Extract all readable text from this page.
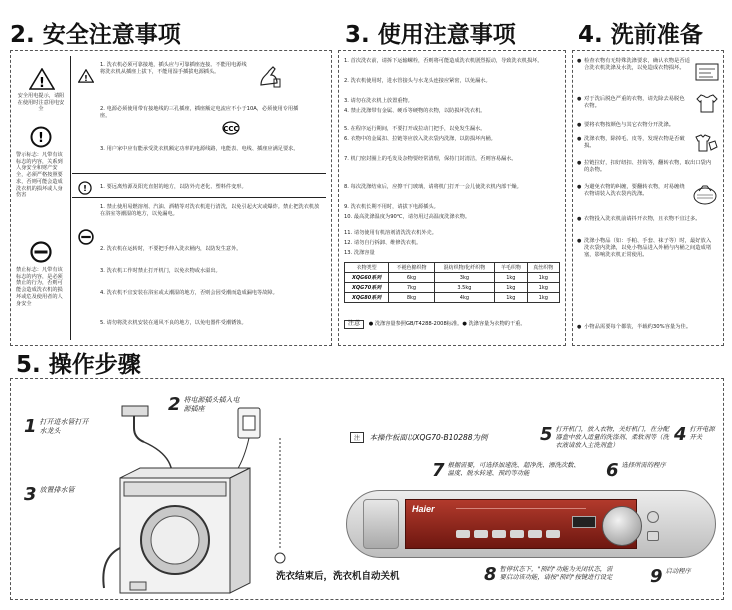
2. 安全注意事项	3. 使用注意事项	4. 洗前准备
!
安全用电提示，请阻在使用时注意用电安全
!
警示标志：凡带有该标志的内容，关系到人身安全和财产安全，必须严格按照要求，否则可能会造成洗衣机的损坏或人身伤害
禁止标志：凡带有该标志的内容，是必须禁止的行为，否则可能会造成洗衣机的损坏或危及使用者的人身安全
!
1. 洗衣机必须可靠接地，插头应与可靠插座连接。不能用电源线将洗衣机从插座上拔下，不能用湿手插拔电源插头。
2. 电源必须使用带有接地线的三孔插座，插座额定电流应不小于10A，必须使用专用插座。
CCC
3. 用户家中应有能承受洗衣机额定功率的电源线路，电能表、电线、插座应满足要求。
!	1. 要远离热源及阳光直射的地方，以防外壳老化、塑料件变形。
1. 禁止使用易燃溶剂、汽油、酒精等对洗衣机进行清洗，以免引起火灾或爆炸。禁止把洗衣机放在浴室等潮湿的地方，以免漏电。
2. 洗衣机在运转时，不要把手伸入洗衣桶内，以防发生意外。
3. 洗衣机工作时禁止打开机门，以免衣物或水溢出。
4. 洗衣机不宜安装在浴室或太潮湿的地方，否则会因受潮而造成漏电等故障。
5. 请勿将洗衣机安装在通风不良的地方，以免电器件受潮锈蚀。
1. 首次洗衣前，请拆下运输螺栓，否则将可能造成洗衣机剧烈振动，导致洗衣机损坏。
2. 洗衣机使用时，进水管接头与水龙头连接应紧密，以免漏水。
3. 请勿在洗衣机上放置重物。
4. 禁止洗涤带有金属、硬币等硬物的衣物，以防损坏洗衣机。
5. 在程序运行期间，不要打开或拉动门把手，以免发生漏水。
6. 衣物中的金属扣、拉链等应放入洗衣袋内洗涤，以防损坏内桶。
7. 机门密封圈上的毛发及杂物要经常清理，保持门封清洁，否则容易漏水。
8. 每次洗涤结束后，应擦干门玻璃，请将机门打开一会儿使洗衣机内部干燥。
9. 洗衣机长期不用时，请拔下电源插头。
10. 最高洗涤温度为90℃，请勿用过高温度洗涤衣物。
11. 请勿使用有机溶剂清洗洗衣机外壳。
12. 请勿自行拆卸、维修洗衣机。
13. 洗涤容量
衣物类型	不褪色棉织物	混纺织物/化纤织物	羊毛织物	真丝织物
XQG60系列	6kg	3kg	1kg	1kg
XQG70系列	7kg	3.5kg	1kg	1kg
XQG80系列	8kg	4kg	1kg	1kg
注意 ● 洗涤容量参照GB/T4288-2008标准。● 洗涤容量为衣物的干重。
● 检查衣物有无特殊洗涤要求，确认衣物是否适合洗衣机洗涤及水洗，以免造成衣物损坏。
● 对于洗后脱色严重的衣物，请先除去易脱色衣物。
● 要将衣物按颜色与其它衣物分开洗涤。
● 洗涤衣物，除掉毛、皮等，发现衣物是否破损。
● 拉链拉好，扣好纽扣、挂钩等，翻转衣物，取出口袋内的杂物。
● 为避免衣物的纠缠，要翻转衣物，对易缠绕衣物请装入洗衣袋内洗涤。
● 衣物投入洗衣机前请抖开衣物，且衣物不宜过多。
● 洗涤小物品（如：手帕、手套、袜子等）时，最好放入洗衣袋内洗涤，以免小物品进入外桶与内桶之间造成堵塞，影响洗衣机正常使用。
● 小物品需要每个都装，半载约30%容量为佳。
5. 操作步骤
1 打开进水管打开水龙头
2 将电源插头插入电源插座
3 放置排水管
洗衣结束后，洗衣机自动关机
注 本操作板面以XQG70-B10288为例	5 打开机门，放入衣物，关好机门，在分配器盒中放入适量的洗涤剂、柔软剂等（洗衣液请放入主洗剂盒）
4 打开电源开关
7 根据需要，可选择加速洗、超净洗、漂洗次数、温度、脱水转速、预约等功能	6 选择所需的程序
Haier
8 暂停状态下，"预约"功能为关闭状态，需要启动该功能，请按"预约"按键进行设定 9 启动程序
